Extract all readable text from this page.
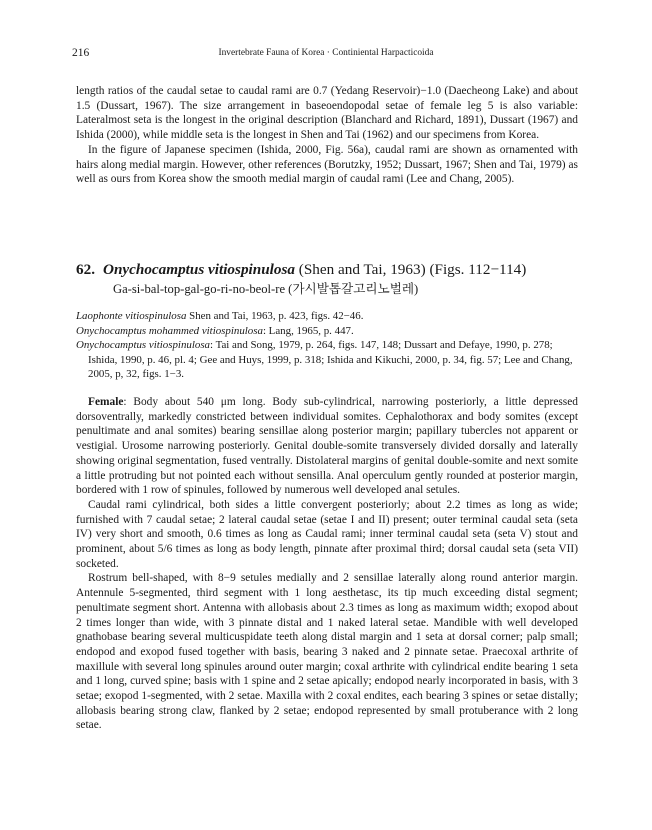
216	Invertebrate Fauna of Korea · Continiental Harpacticoida

length ratios of the caudal setae to caudal rami are 0.7 (Yedang Reservoir)−1.0 (Daecheong Lake) and about 1.5 (Dussart, 1967). The size arrangement in baseoendopodal setae of female leg 5 is also variable: Lateralmost seta is the longest in the original description (Blanchard and Richard, 1891), Dussart (1967) and Ishida (2000), while middle seta is the longest in Shen and Tai (1962) and our specimens from Korea.

In the figure of Japanese specimen (Ishida, 2000, Fig. 56a), caudal rami are shown as ornamented with hairs along medial margin. However, other references (Borutzky, 1952; Dussart, 1967; Shen and Tai, 1979) as well as ours from Korea show the smooth medial margin of caudal rami (Lee and Chang, 2005).

62. Onychocamptus vitiospinulosa (Shen and Tai, 1963) (Figs. 112−114)

Ga-si-bal-top-gal-go-ri-no-beol-re (가시발톱갈고리노벌레)

Laophonte vitiospinulosa Shen and Tai, 1963, p. 423, figs. 42−46.

Onychocamptus mohammed vitiospinulosa: Lang, 1965, p. 447.

Onychocamptus vitiospinulosa: Tai and Song, 1979, p. 264, figs. 147, 148; Dussart and Defaye, 1990, p. 278; Ishida, 1990, p. 46, pl. 4; Gee and Huys, 1999, p. 318; Ishida and Kikuchi, 2000, p. 34, fig. 57; Lee and Chang, 2005, p, 32, figs. 1−3.

Female: Body about 540 μm long. Body sub-cylindrical, narrowing posteriorly, a little depressed dorsoventrally, markedly constricted between individual somites. Cephalothorax and body somites (except penultimate and anal somites) bearing sensillae along posterior margin; papillary tubercles not apparent or vestigial. Urosome narrowing posteriorly. Genital double-somite transversely divided dorsally and laterally showing original segmentation, fused ventrally. Distolateral margins of genital double-somite and next somite a little protruding but not pointed each without sensilla. Anal operculum gently rounded at posterior margin, bordered with 1 row of spinules, followed by numerous well developed anal setules.

Caudal rami cylindrical, both sides a little convergent posteriorly; about 2.2 times as long as wide; furnished with 7 caudal setae; 2 lateral caudal setae (setae I and II) present; outer terminal caudal seta (seta IV) very short and smooth, 0.6 times as long as Caudal rami; inner terminal caudal seta (seta V) stout and prominent, about 5/6 times as long as body length, pinnate after proximal third; dorsal caudal seta (seta VII) socketed.

Rostrum bell-shaped, with 8−9 setules medially and 2 sensillae laterally along round anterior margin. Antennule 5-segmented, third segment with 1 long aesthetasc, its tip much exceeding distal segment; penultimate segment short. Antenna with allobasis about 2.3 times as long as maximum width; exopod about 2 times longer than wide, with 3 pinnate distal and 1 naked lateral setae. Mandible with well developed gnathobase bearing several multicuspidate teeth along distal margin and 1 seta at dorsal corner; palp small; endopod and exopod fused together with basis, bearing 3 naked and 2 pinnate setae. Praecoxal arthrite of maxillule with several long spinules around outer margin; coxal arthrite with cylindrical endite bearing 1 seta and 1 long, curved spine; basis with 1 spine and 2 setae apically; endopod nearly incorporated in basis, with 3 setae; exopod 1-segmented, with 2 setae. Maxilla with 2 coxal endites, each bearing 3 spines or setae distally; allobasis bearing strong claw, flanked by 2 setae; endopod represented by small protuberance with 2 long setae.
